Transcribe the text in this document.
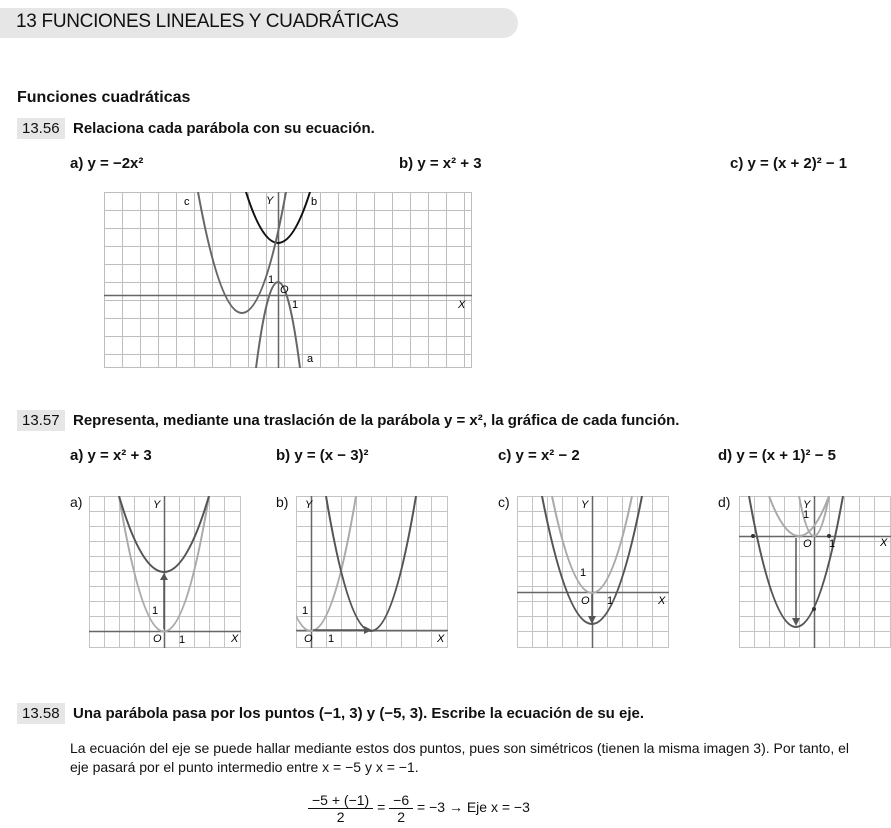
13 FUNCIONES LINEALES Y CUADRÁTICAS
Funciones cuadráticas
13.56 Relaciona cada parábola con su ecuación.
a) y = −2x²	b) y = x² + 3	c) y = (x + 2)² − 1
c	b
a
Y
X
O
1
1
13.57 Representa, mediante una traslación de la parábola y = x², la gráfica de cada función.
a) y = x² + 3	b) y = (x − 3)²	c) y = x² − 2	d) y = (x + 1)² − 5
a)	Y
X
O
1
1
b) Y
X
O
1
1
c)	Y
X
O
1
1
d)	Y
X
O
1
1
13.58 Una parábola pasa por los puntos (−1, 3) y (−5, 3). Escribe la ecuación de su eje.
La ecuación del eje se puede hallar mediante estos dos puntos, pues son simétricos (tienen la misma imagen 3). Por tanto, el
eje pasará por el punto intermedio entre x = −5 y x = −1.
$\frac{-5 + (-1)}{2} = \frac{-6}{2} = -3$ → Eje x = −3
